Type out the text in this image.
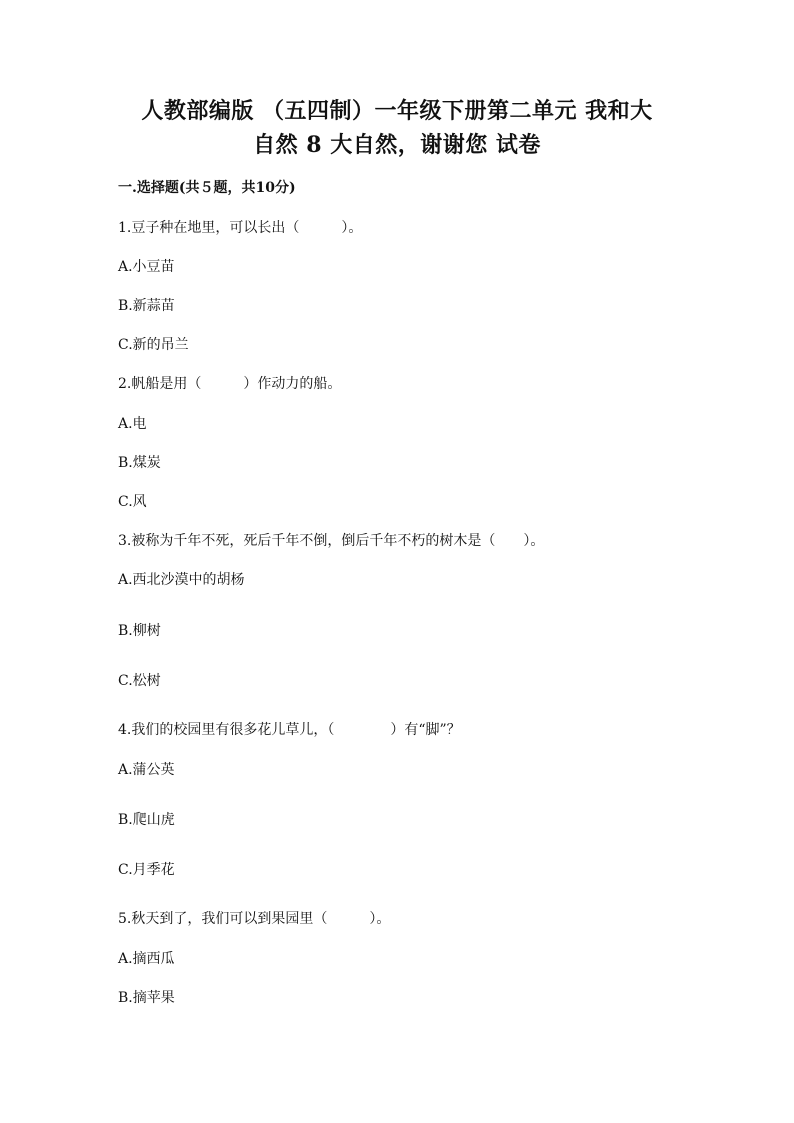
人教部编版 （五四制）一年级下册第二单元 我和大
自然 8 大自然，谢谢您 试卷
一.选择题(共５题，共10分)
1.豆子种在地里，可以长出（　　　）。
A.小豆苗
B.新蒜苗
C.新的吊兰
2.帆船是用（　　　）作动力的船。
A.电
B.煤炭
C.风
3.被称为千年不死，死后千年不倒，倒后千年不朽的树木是（　　）。
A.西北沙漠中的胡杨
B.柳树
C.松树
4.我们的校园里有很多花儿草儿，（　　　　）有“脚”？
A.蒲公英
B.爬山虎
C.月季花
5.秋天到了，我们可以到果园里（　　　）。
A.摘西瓜
B.摘苹果
